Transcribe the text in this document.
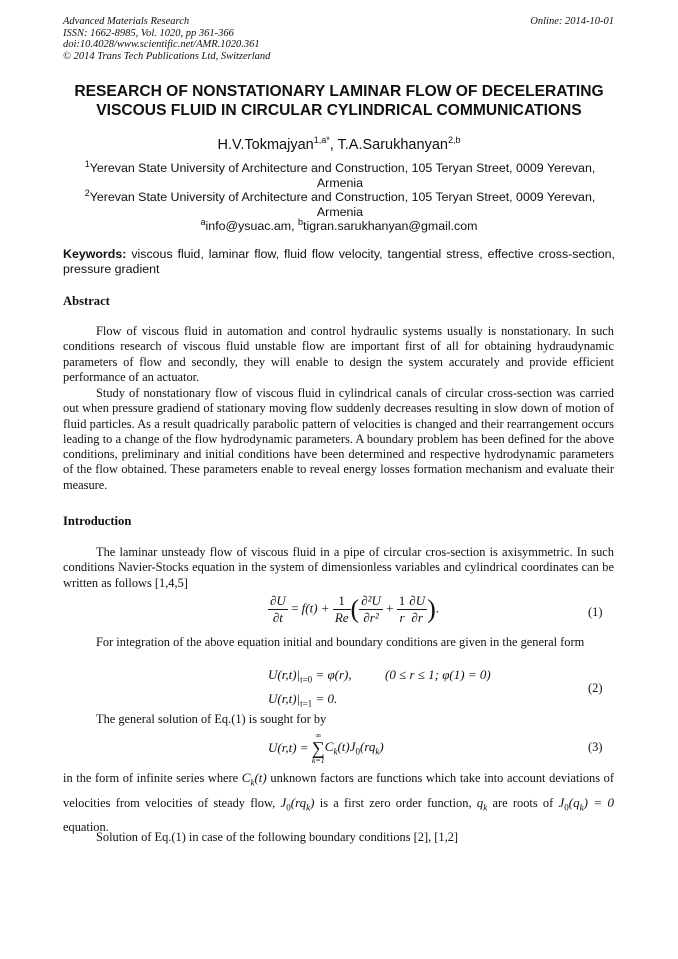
Advanced Materials Research
ISSN: 1662-8985, Vol. 1020, pp 361-366
doi:10.4028/www.scientific.net/AMR.1020.361
© 2014 Trans Tech Publications Ltd, Switzerland
Online: 2014-10-01
RESEARCH OF NONSTATIONARY LAMINAR FLOW OF DECELERATING
VISCOUS FLUID IN CIRCULAR CYLINDRICAL COMMUNICATIONS
H.V.Tokmajyan$^{1,a*}$, T.A.Sarukhanyan$^{2,b}$
$^1$Yerevan State University of Architecture and Construction, 105 Teryan Street, 0009 Yerevan, Armenia
$^2$Yerevan State University of Architecture and Construction, 105 Teryan Street, 0009 Yerevan, Armenia
$^a$info@ysuac.am, $^b$tigran.sarukhanyan@gmail.com
Keywords: viscous fluid, laminar flow, fluid flow velocity, tangential stress, effective cross-section, pressure gradient
Abstract
Flow of viscous fluid in automation and control hydraulic systems usually is nonstationary. In such conditions research of viscous fluid unstable flow are important first of all for obtaining hydraudynamic parameters of flow and secondly, they will enable to design the system accurately and provide efficient performance of an actuator.
Study of nonstationary flow of viscous fluid in cylindrical canals of circular cross-section was carried out when pressure gradiend of stationary moving flow suddenly decreases resulting in slow down of motion of fluid particles. As a result quadrically parabolic pattern of velocities is changed and their rearrangement occurs leading to a change of the flow hydrodynamic parameters. A boundary problem has been defined for the above conditions, preliminary and initial conditions have been determined and respective hydrodynamic parameters of the flow obtained. These parameters enable to reveal energy losses formation mechanism and evaluate their measure.
Introduction
The laminar unsteady flow of viscous fluid in a pipe of circular cros-section is axisymmetric. In such conditions Navier-Stocks equation in the system of dimensionless variables and cylindrical coordinates can be written as follows [1,4,5]
$\frac{\partial U}{\partial t} = f(t) + \frac{1}{Re}$ ( $\frac{\text{∂²U}}{\text{∂r²}} + \frac{1}{r} \frac{\partial U}{\partial r}$ ).	(1)
For integration of the above equation initial and boundary conditions are given in the general form
$U(r,t)|_{t=0} = \varphi(r)$,	(0 ≤ r ≤ 1; φ(1) = 0)
$U(r,t)|_{t=1} = 0$.
(2)
The general solution of Eq.(1) is sought for by
U(r,t) =
∞
∑
k=1
$C_k(t)J_0(rq_k)$	(3)
in the form of infinite series where $C_k(t)$ unknown factors are functions which take into account deviations of velocities from velocities of steady flow, $J_0(rq_k)$ is a first zero order function, $q_k$ are roots of $J_0(q_k) = 0$ equation.
Solution of Eq.(1) in case of the following boundary conditions [2], [1,2]
